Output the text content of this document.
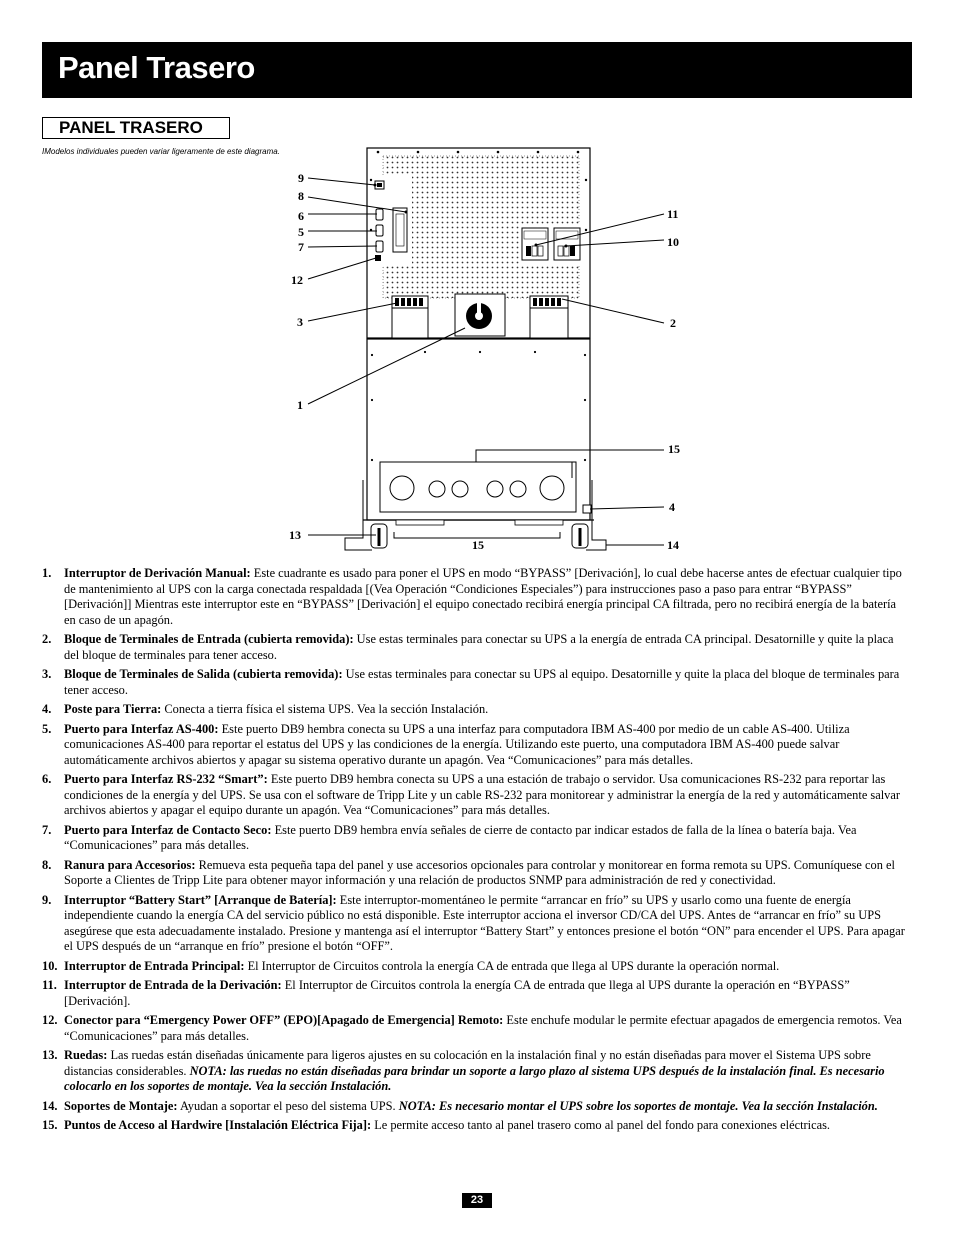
Panel Trasero
PANEL TRASERO
IModelos individuales pueden variar ligeramente de este diagrama.
9
8
6
5
7
12
3
1
13
11
10
2
15
4
15	14
1. Interruptor de Derivación Manual: Este cuadrante es usado para poner el UPS en modo “BYPASS” [Derivación], lo cual debe hacerse antes de efectuar cualquier tipo de mantenimiento al UPS con la carga conectada respaldada [(Vea Operación “Condiciones Especiales”) para instrucciones paso a paso para entrar “BYPASS” [Derivación]] Mientras este interruptor este en “BYPASS” [Derivación] el equipo conectado recibirá energía principal CA filtrada, pero no recibirá energía de la batería en caso de un apagón.
2. Bloque de Terminales de Entrada (cubierta removida): Use estas terminales para conectar su UPS a la energía de entrada CA principal. Desatornille y quite la placa del bloque de terminales para tener acceso.
3. Bloque de Terminales de Salida (cubierta removida): Use estas terminales para conectar su UPS al equipo. Desatornille y quite la placa del bloque de terminales para tener acceso.
4. Poste para Tierra: Conecta a tierra física el sistema UPS. Vea la sección Instalación.
5. Puerto para Interfaz AS-400: Este puerto DB9 hembra conecta su UPS a una interfaz para computadora IBM AS-400 por medio de un cable AS-400. Utiliza comunicaciones AS-400 para reportar el estatus del UPS y las condiciones de la energía. Utilizando este puerto, una computadora IBM AS-400 puede salvar automáticamente archivos abiertos y apagar su sistema operativo durante un apagón. Vea “Comunicaciones” para más detalles.
6. Puerto para Interfaz RS-232 “Smart”: Este puerto DB9 hembra conecta su UPS a una estación de trabajo o servidor. Usa comunicaciones RS-232 para reportar las condiciones de la energía y del UPS. Se usa con el software de Tripp Lite y un cable RS-232 para monitorear y administrar la energía de la red y automáticamente salvar archivos abiertos y apagar el equipo durante un apagón. Vea “Comunicaciones” para más detalles.
7. Puerto para Interfaz de Contacto Seco: Este puerto DB9 hembra envía señales de cierre de contacto par indicar estados de falla de la línea o batería baja. Vea “Comunicaciones” para más detalles.
8. Ranura para Accesorios: Remueva esta pequeña tapa del panel y use accesorios opcionales para controlar y monitorear en forma remota su UPS. Comuníquese con el Soporte a Clientes de Tripp Lite para obtener mayor información y una relación de productos SNMP para administración de red y conectividad.
9. Interruptor “Battery Start” [Arranque de Batería]: Este interruptor-momentáneo le permite “arrancar en frío” su UPS y usarlo como una fuente de energía independiente cuando la energía CA del servicio público no está disponible. Este interruptor acciona el inversor CD/CA del UPS. Antes de “arrancar en frío” su UPS asegúrese que esta adecuadamente instalado. Presione y mantenga así el interruptor “Battery Start” y entonces presione el botón “ON” para encender el UPS. Para apagar el UPS después de un “arranque en frío” presione el botón “OFF”.
10. Interruptor de Entrada Principal: El Interruptor de Circuitos controla la energía CA de entrada que llega al UPS durante la operación normal.
11. Interruptor de Entrada de la Derivación: El Interruptor de Circuitos controla la energía CA de entrada que llega al UPS durante la operación en “BYPASS” [Derivación].
12. Conector para “Emergency Power OFF” (EPO)[Apagado de Emergencia] Remoto: Este enchufe modular le permite efectuar apagados de emergencia remotos. Vea “Comunicaciones” para más detalles.
13. Ruedas: Las ruedas están diseñadas únicamente para ligeros ajustes en su colocación en la instalación final y no están diseñadas para mover el Sistema UPS sobre distancias considerables. NOTA: las ruedas no están diseñadas para brindar un soporte a largo plazo al sistema UPS después de la instalación final. Es necesario colocarlo en los soportes de montaje. Vea la sección Instalación.
14. Soportes de Montaje: Ayudan a soportar el peso del sistema UPS. NOTA: Es necesario montar el UPS sobre los soportes de montaje. Vea la sección Instalación.
15. Puntos de Acceso al Hardwire [Instalación Eléctrica Fija]: Le permite acceso tanto al panel trasero como al panel del fondo para conexiones eléctricas.
23
